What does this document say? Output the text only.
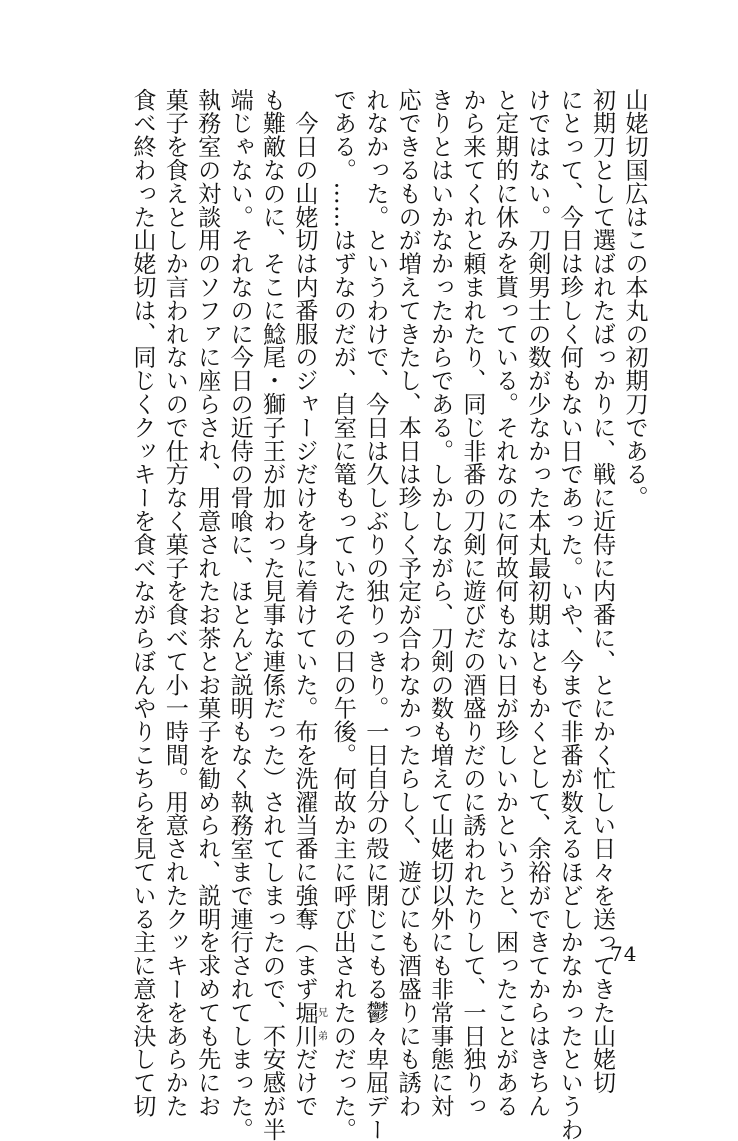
山姥切国広はこの本丸の初期刀である。
初期刀として選ばれたばっかりに、戦に近侍に内番に、とにかく忙しい日々を送ってきた山姥切
にとって、今日は珍しく何もない日であった。いや、今まで非番が数えるほどしかなかったというわ
けではない。刀剣男士の数が少なかった本丸最初期はともかくとして、余裕ができてからはきちん
と定期的に休みを貰っている。それなのに何故何もない日が珍しいかというと、困ったことがある
から来てくれと頼まれたり、同じ非番の刀剣に遊びだの酒盛りだのに誘われたりして、一日独りっ
きりとはいかなかったからである。しかしながら、刀剣の数も増えて山姥切以外にも非常事態に対
応できるものが増えてきたし、本日は珍しく予定が合わなかったらしく、遊びにも酒盛りにも誘わ
れなかった。というわけで、今日は久しぶりの独りっきり。一日自分の殻に閉じこもる鬱々卑屈デー
である。……はずなのだが、自室に篭もっていたその日の午後。何故か主に呼び出されたのだった。
　今日の山姥切は内番服のジャージだけを身に着けていた。布を洗濯当番に強奪（まず堀川兄弟だけで
も難敵なのに、そこに鯰尾・獅子王が加わった見事な連係だった）されてしまったので、不安感が半
端じゃない。それなのに今日の近侍の骨喰に、ほとんど説明もなく執務室まで連行されてしまった。
執務室の対談用のソファに座らされ、用意されたお茶とお菓子を勧められ、説明を求めても先にお
菓子を食えとしか言われないので仕方なく菓子を食べて小一時間。用意されたクッキーをあらかた
食べ終わった山姥切は、同じくクッキーを食べながらぼんやりこちらを見ている主に意を決して切	74
